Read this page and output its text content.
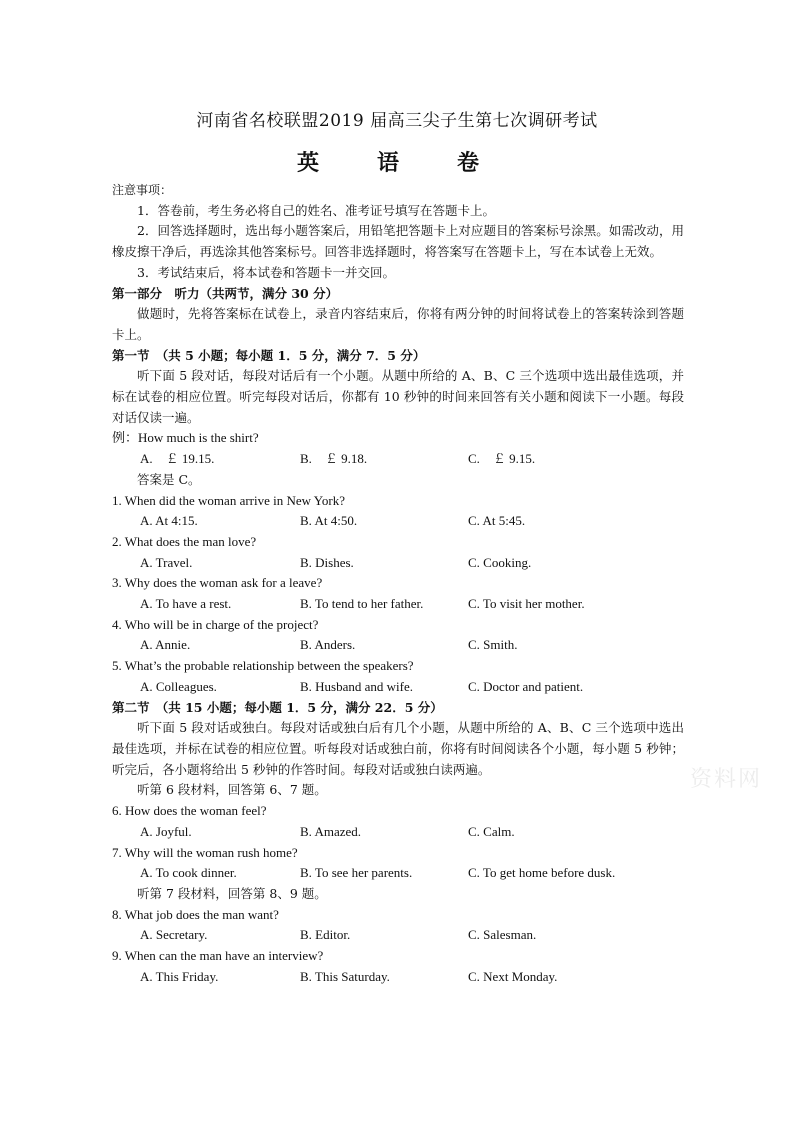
河南省名校联盟2019 届高三尖子生第七次调研考试
英　语　卷
注意事项：
1．答卷前，考生务必将自己的姓名、准考证号填写在答题卡上。
2．回答选择题时，选出每小题答案后，用铅笔把答题卡上对应题目的答案标号涂黑。如需改动，用橡皮擦干净后，再选涂其他答案标号。回答非选择题时，将答案写在答题卡上，写在本试卷上无效。
3．考试结束后，将本试卷和答题卡一并交回。
第一部分　听力（共两节，满分 30 分）
做题时，先将答案标在试卷上，录音内容结束后，你将有两分钟的时间将试卷上的答案转涂到答题卡上。
第一节　（共 5 小题；每小题 1．5 分，满分 7．5 分）
听下面 5 段对话，每段对话后有一个小题。从题中所给的 A、B、C 三个选项中选出最佳选项，并标在试卷的相应位置。听完每段对话后，你都有 10 秒钟的时间来回答有关小题和阅读下一小题。每段对话仅读一遍。
例：How much is the shirt?
A.　￡ 19.15.	B.　￡ 9.18.	C.　￡ 9.15.
答案是 C。
1. When did the woman arrive in New York?
A. At 4:15.	B. At 4:50.	C. At 5:45.
2. What does the man love?
A. Travel.	B. Dishes.	C. Cooking.
3. Why does the woman ask for a leave?
A. To have a rest.	B. To tend to her father.	C. To visit her mother.
4. Who will be in charge of the project?
A. Annie.	B. Anders.	C. Smith.
5. What’s the probable relationship between the speakers?
A. Colleagues.	B. Husband and wife.	C. Doctor and patient.
第二节　（共 15 小题；每小题 1．5 分，满分 22．5 分）
听下面 5 段对话或独白。每段对话或独白后有几个小题，从题中所给的 A、B、C 三个选项中选出最佳选项，并标在试卷的相应位置。听每段对话或独白前，你将有时间阅读各个小题，每小题 5 秒钟；听完后，各小题将给出 5 秒钟的作答时间。每段对话或独白读两遍。
听第 6 段材料，回答第 6、7 题。
6. How does the woman feel?
A. Joyful.	B. Amazed.	C. Calm.
7. Why will the woman rush home?
A. To cook dinner.	B. To see her parents.	C. To get home before dusk.
听第 7 段材料，回答第 8、9 题。
8. What job does the man want?
A. Secretary.	B. Editor.	C. Salesman.
9. When can the man have an interview?
A. This Friday.	B. This Saturday.	C. Next Monday.
资料网
